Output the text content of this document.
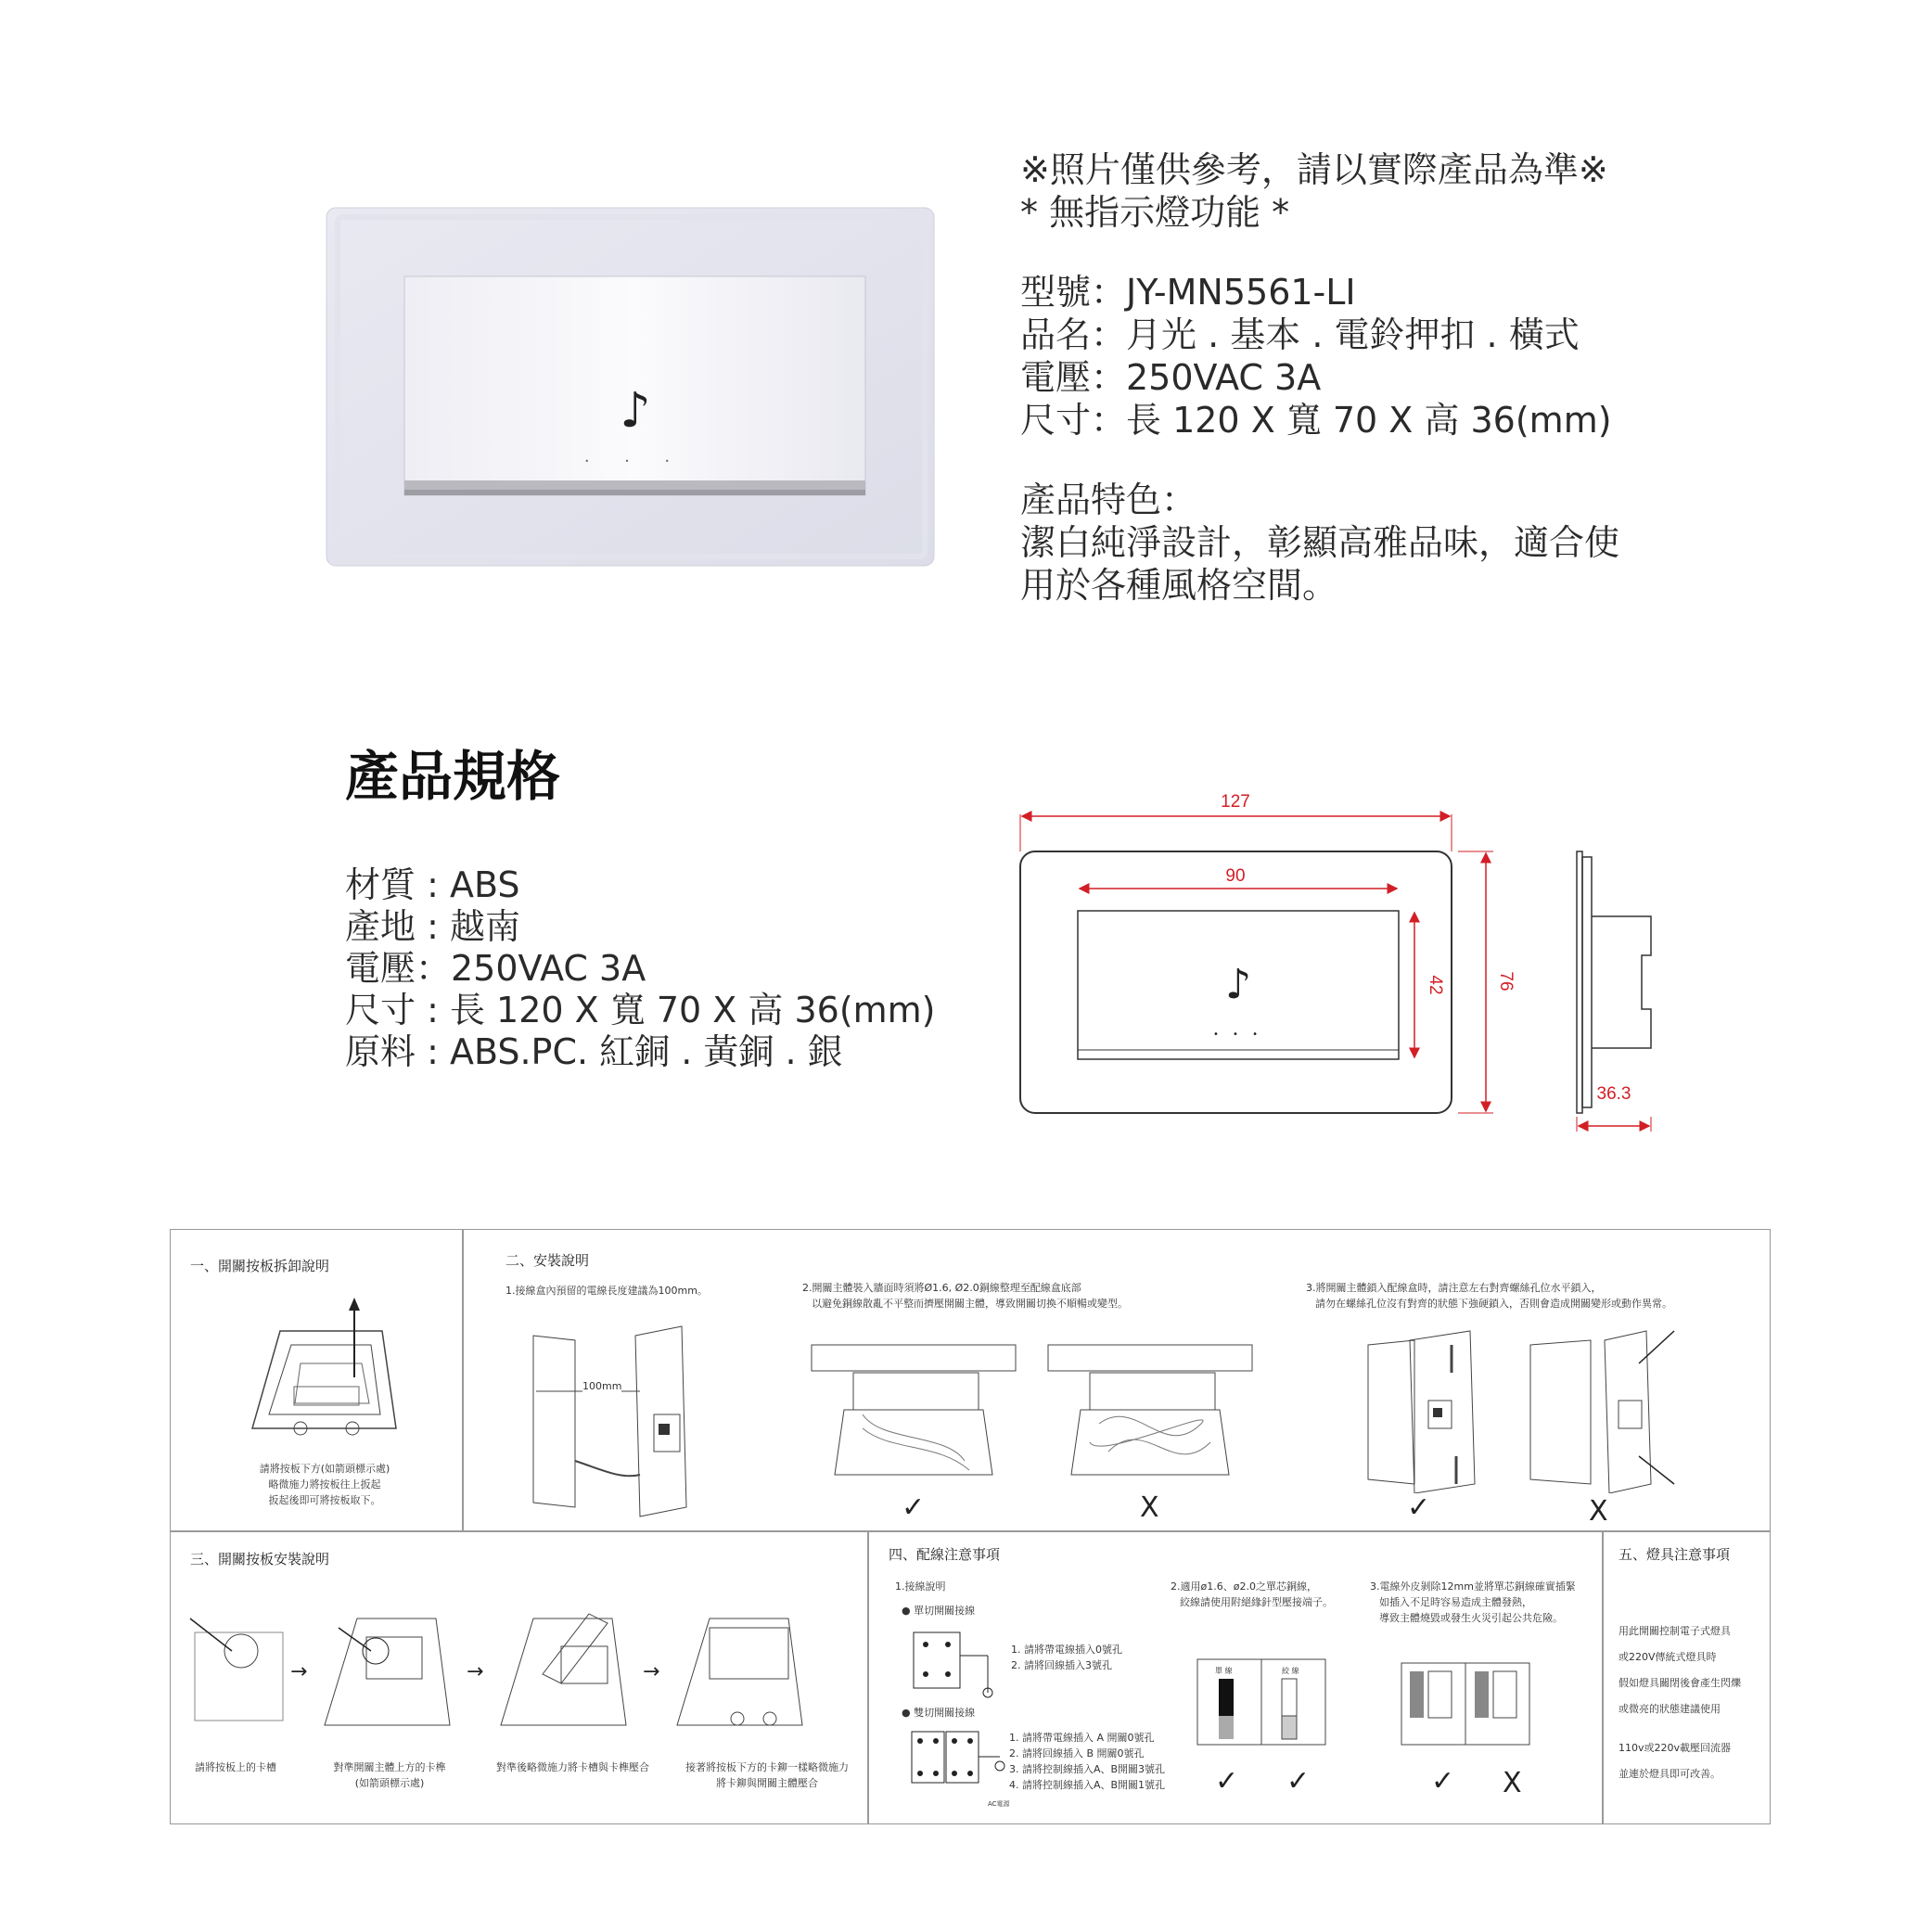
♪
• • •
※照片僅供參考，請以實際產品為準※
* 無指示燈功能 *
型號：JY-MN5561-LI
品名：月光 . 基本 . 電鈴押扣 . 橫式
電壓：250VAC 3A
尺寸：長 120 X 寬 70 X 高 36(mm)
產品特色：
潔白純淨設計，彰顯高雅品味，適合使
用於各種風格空間。
產品規格
材質 : ABS
產地 : 越南
電壓：250VAC 3A
尺寸 : 長 120 X 寬 70 X 高 36(mm)
原料 : ABS.PC. 紅銅 . 黃銅 . 銀
127
90
♪
• • •
42	76
36.3
一、開關按板拆卸說明
請將按板下方(如箭頭標示處)
略微施力將按板往上扳起
扳起後即可將按板取下。
二、安裝說明
1.接線盒內預留的電線長度建議為100mm。	2.開關主體裝入牆面時須將Ø1.6, Ø2.0銅線整理至配線盒底部
以避免銅線散亂不平整而擠壓開關主體，導致開關切換不順暢或變型。
3.將開關主體鎖入配線盒時，請注意左右對齊螺絲孔位水平鎖入，
請勿在螺絲孔位沒有對齊的狀態下強硬鎖入，否則會造成開關變形或動作異常。
100mm
✓	X	✓	X
三、開關按板安裝說明
→	→	→
請將按板上的卡槽	對準開關主體上方的卡榫
(如箭頭標示處)
對準後略微施力將卡槽與卡榫壓合	接著將按板下方的卡鉚一樣略微施力
將卡鉚與開關主體壓合
四、配線注意事項
1.接線說明
● 單切開關接線
1. 請將帶電線插入0號孔
2. 請將回線插入3號孔
● 雙切開關接線
1. 請將帶電線插入 A 開關0號孔
2. 請將回線插入 B 開關0號孔
3. 請將控制線插入A、B開關3號孔
4. 請將控制線插入A、B開關1號孔
AC電源
2.適用ø1.6、ø2.0之單芯銅線，
絞線請使用附絕緣針型壓接端子。
單 線	絞 線
✓ ✓
3.電線外皮剝除12mm並將單芯銅線確實插緊
如插入不足時容易造成主體發熱，
導致主體燒毀或發生火災引起公共危險。
✓ X
五、燈具注意事項
用此開關控制電子式燈具
或220V傳統式燈具時
假如燈具關閉後會產生閃爍
或微亮的狀態建議使用
110v或220v載壓回流器
並連於燈具即可改善。
